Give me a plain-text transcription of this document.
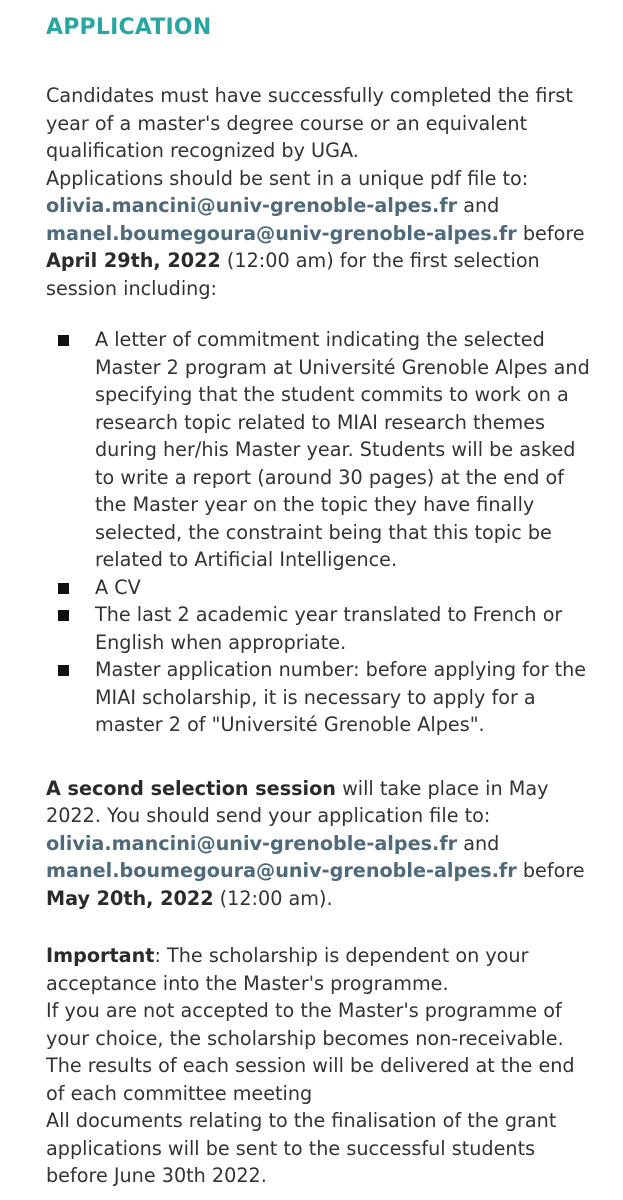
APPLICATION

Candidates must have successfully completed the first year of a master's degree course or an equivalent qualification recognized by UGA.
Applications should be sent in a unique pdf file to:
olivia.mancini@univ-grenoble-alpes.fr and
manel.boumegoura@univ-grenoble-alpes.fr before
April 29th, 2022 (12:00 am) for the first selection session including:

A letter of commitment indicating the selected Master 2 program at Université Grenoble Alpes and specifying that the student commits to work on a research topic related to MIAI research themes during her/his Master year. Students will be asked to write a report (around 30 pages) at the end of the Master year on the topic they have finally selected, the constraint being that this topic be related to Artificial Intelligence.
A CV
The last 2 academic year translated to French or English when appropriate.
Master application number: before applying for the MIAI scholarship, it is necessary to apply for a master 2 of "Université Grenoble Alpes".

A second selection session will take place in May 2022. You should send your application file to:
olivia.mancini@univ-grenoble-alpes.fr and
manel.boumegoura@univ-grenoble-alpes.fr before
May 20th, 2022 (12:00 am).

Important: The scholarship is dependent on your acceptance into the Master's programme.
If you are not accepted to the Master's programme of your choice, the scholarship becomes non-receivable.
The results of each session will be delivered at the end of each committee meeting
All documents relating to the finalisation of the grant applications will be sent to the successful students before June 30th 2022.
